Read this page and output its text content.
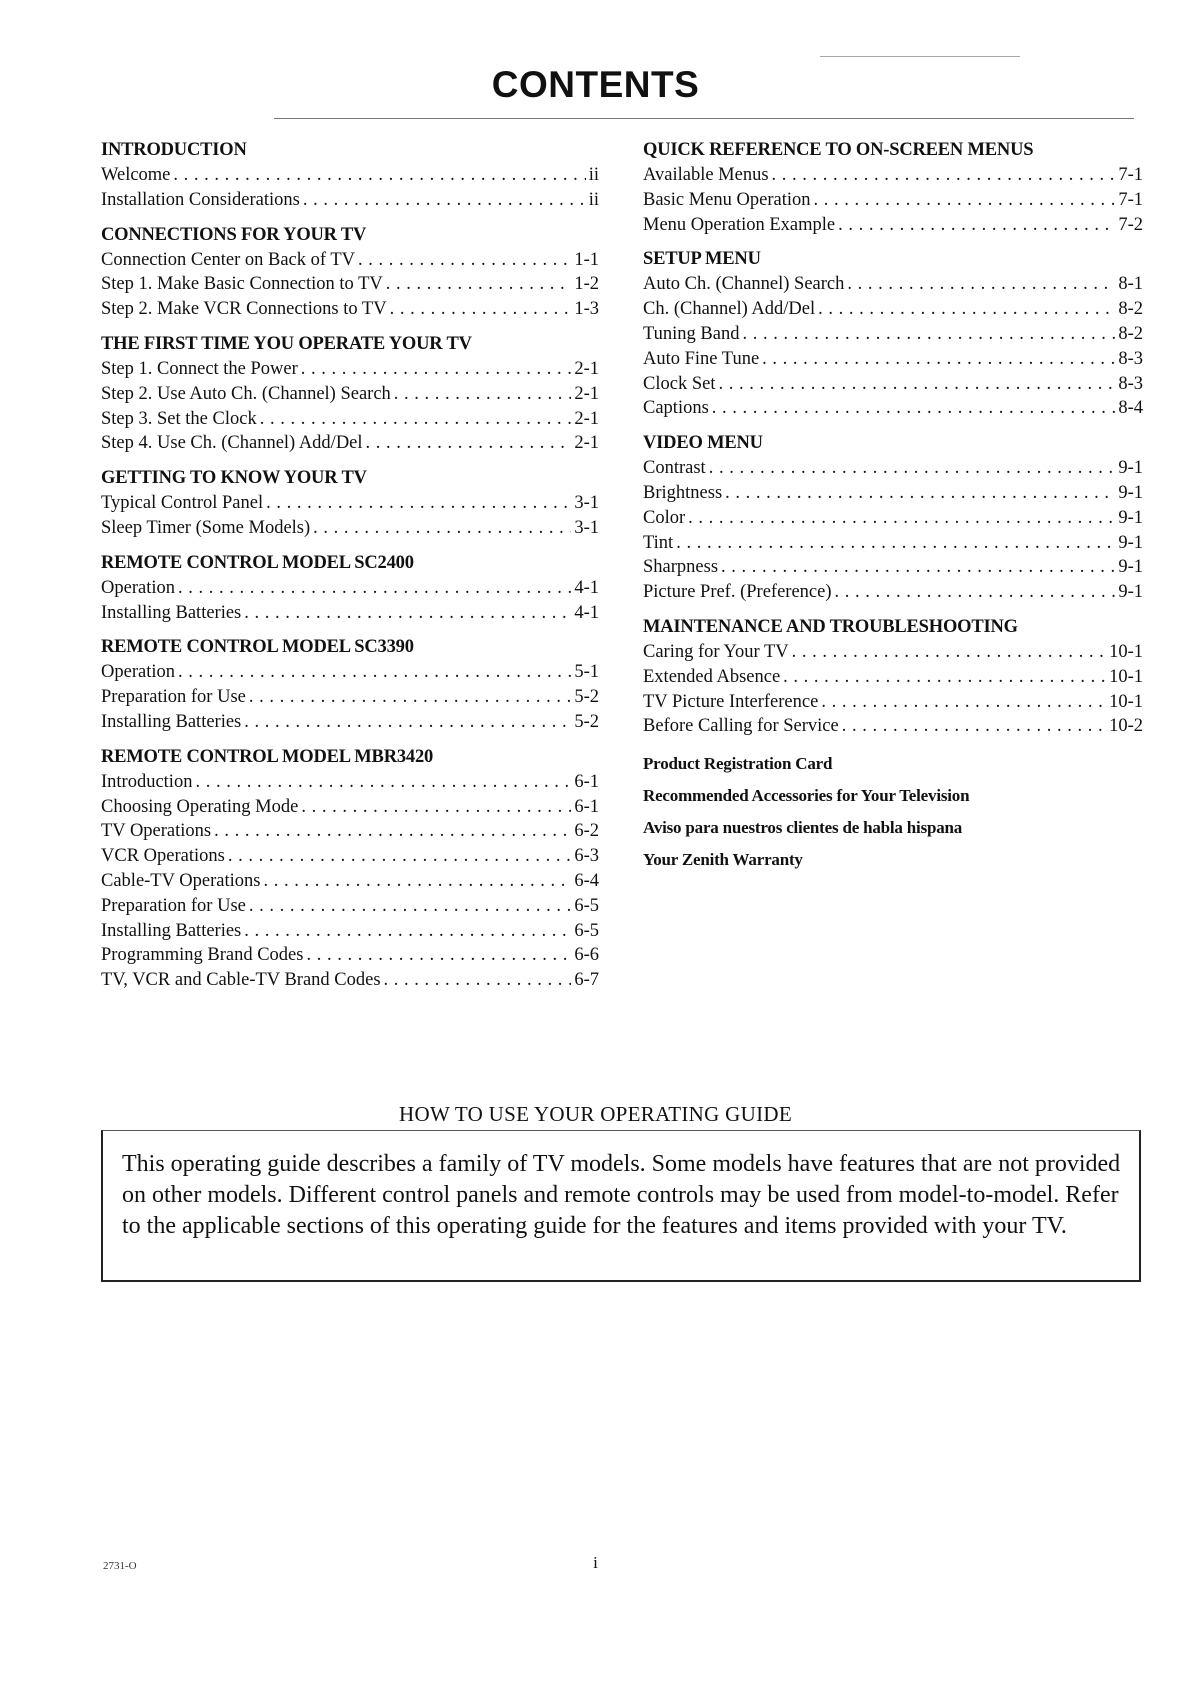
CONTENTS
INTRODUCTION
Welcome . . .	ii
Installation Considerations . . .	ii
CONNECTIONS FOR YOUR TV
Connection Center on Back of TV . . .	1-1
Step 1. Make Basic Connection to TV . . .	1-2
Step 2. Make VCR Connections to TV . . .	1-3
THE FIRST TIME YOU OPERATE YOUR TV
Step 1. Connect the Power . . .	2-1
Step 2. Use Auto Ch. (Channel) Search . . .	2-1
Step 3. Set the Clock . . .	2-1
Step 4. Use Ch. (Channel) Add/Del . . .	2-1
GETTING TO KNOW YOUR TV
Typical Control Panel . . .	3-1
Sleep Timer (Some Models) . . .	3-1
REMOTE CONTROL MODEL SC2400
Operation . . .	4-1
Installing Batteries . . .	4-1
REMOTE CONTROL MODEL SC3390
Operation . . .	5-1
Preparation for Use . . .	5-2
Installing Batteries . . .	5-2
REMOTE CONTROL MODEL MBR3420
Introduction . . .	6-1
Choosing Operating Mode . . .	6-1
TV Operations . . .	6-2
VCR Operations . . .	6-3
Cable-TV Operations . . .	6-4
Preparation for Use . . .	6-5
Installing Batteries . . .	6-5
Programming Brand Codes . . .	6-6
TV, VCR and Cable-TV Brand Codes . . .	6-7
QUICK REFERENCE TO ON-SCREEN MENUS
Available Menus . . .	7-1
Basic Menu Operation . . .	7-1
Menu Operation Example . . .	7-2
SETUP MENU
Auto Ch. (Channel) Search . . .	8-1
Ch. (Channel) Add/Del . . .	8-2
Tuning Band . . .	8-2
Auto Fine Tune . . .	8-3
Clock Set . . .	8-3
Captions . . .	8-4
VIDEO MENU
Contrast . . .	9-1
Brightness . . .	9-1
Color . . .	9-1
Tint . . .	9-1
Sharpness . . .	9-1
Picture Pref. (Preference) . . .	9-1
MAINTENANCE AND TROUBLESHOOTING
Caring for Your TV . . .	10-1
Extended Absence . . .	10-1
TV Picture Interference . . .	10-1
Before Calling for Service . . .	10-2
Product Registration Card
Recommended Accessories for Your Television
Aviso para nuestros clientes de habla hispana
Your Zenith Warranty
HOW TO USE YOUR OPERATING GUIDE
This operating guide describes a family of TV models. Some models have features that are not provided on other models. Different control panels and remote controls may be used from model-to-model. Refer to the applicable sections of this operating guide for the features and items provided with your TV.
2731-O	i
